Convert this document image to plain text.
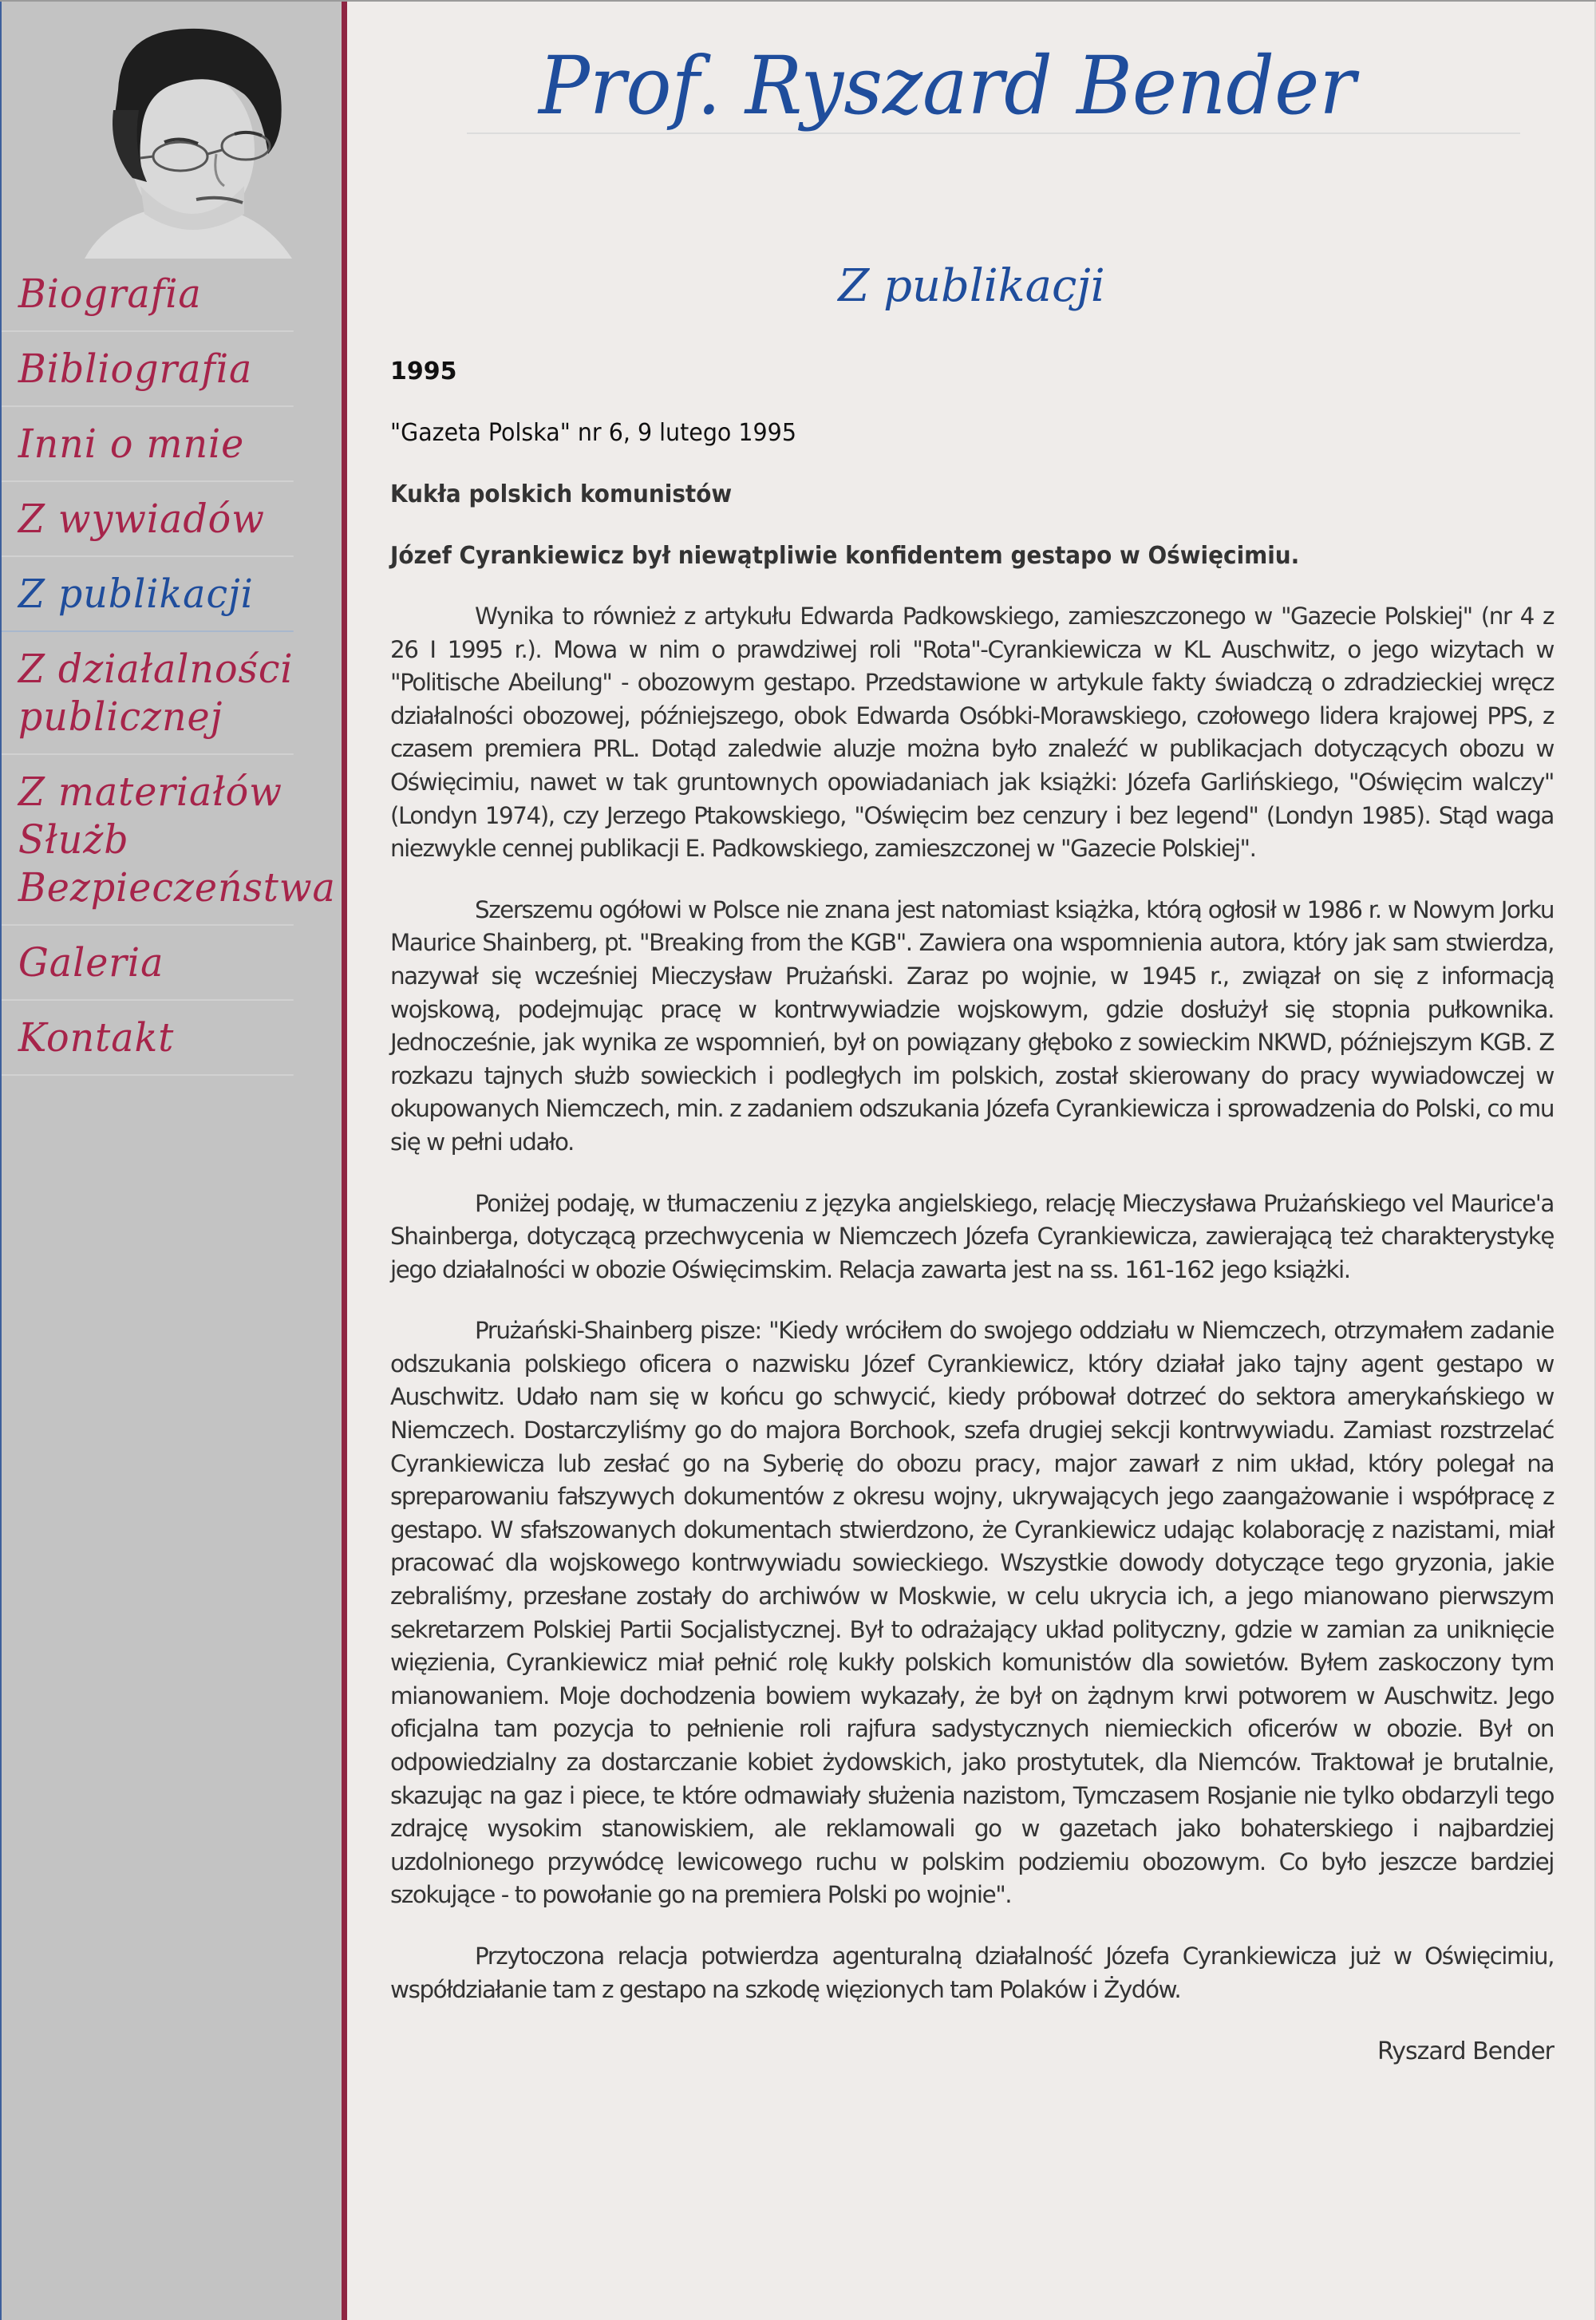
Biografia
Bibliografia
Inni o mnie
Z wywiadów
Z publikacji
Z działalności
publicznej
Z materiałów
Służb
Bezpieczeństwa
Galeria
Kontakt
Prof. Ryszard Bender
Z publikacji

1995

"Gazeta Polska" nr 6, 9 lutego 1995

Kukła polskich komunistów

Józef Cyrankiewicz był niewątpliwie konfidentem gestapo w Oświęcimiu.

Wynika to również z artykułu Edwarda Padkowskiego, zamieszczonego w "Gazecie Polskiej" (nr 4 z 26 I 1995 r.). Mowa w nim o prawdziwej roli "Rota"-Cyrankiewicza w KL Auschwitz, o jego wizytach w "Politische Abeilung" - obozowym gestapo. Przedstawione w artykule fakty świadczą o zdradzieckiej wręcz działalności obozowej, późniejszego, obok Edwarda Osóbki-Morawskiego, czołowego lidera krajowej PPS, z czasem premiera PRL. Dotąd zaledwie aluzje można było znaleźć w publikacjach dotyczących obozu w Oświęcimiu, nawet w tak gruntownych opowiadaniach jak książki: Józefa Garlińskiego, "Oświęcim walczy" (Londyn 1974), czy Jerzego Ptakowskiego, "Oświęcim bez cenzury i bez legend" (Londyn 1985). Stąd waga niezwykle cennej publikacji E. Padkowskiego, zamieszczonej w "Gazecie Polskiej".

Szerszemu ogółowi w Polsce nie znana jest natomiast książka, którą ogłosił w 1986 r. w Nowym Jorku Maurice Shainberg, pt. "Breaking from the KGB". Zawiera ona wspomnienia autora, który jak sam stwierdza, nazywał się wcześniej Mieczysław Prużański. Zaraz po wojnie, w 1945 r., związał on się z informacją wojskową, podejmując pracę w kontrwywiadzie wojskowym, gdzie dosłużył się stopnia pułkownika. Jednocześnie, jak wynika ze wspomnień, był on powiązany głęboko z sowieckim NKWD, późniejszym KGB. Z rozkazu tajnych służb sowieckich i podległych im polskich, został skierowany do pracy wywiadowczej w okupowanych Niemczech, min. z zadaniem odszukania Józefa Cyrankiewicza i sprowadzenia do Polski, co mu się w pełni udało.

Poniżej podaję, w tłumaczeniu z języka angielskiego, relację Mieczysława Prużańskiego vel Maurice'a Shainberga, dotyczącą przechwycenia w Niemczech Józefa Cyrankiewicza, zawierającą też charakterystykę jego działalności w obozie Oświęcimskim. Relacja zawarta jest na ss. 161-162 jego książki.

Prużański-Shainberg pisze: "Kiedy wróciłem do swojego oddziału w Niemczech, otrzymałem zadanie odszukania polskiego oficera o nazwisku Józef Cyrankiewicz, który działał jako tajny agent gestapo w Auschwitz. Udało nam się w końcu go schwycić, kiedy próbował dotrzeć do sektora amerykańskiego w Niemczech. Dostarczyliśmy go do majora Borchook, szefa drugiej sekcji kontrwywiadu. Zamiast rozstrzelać Cyrankiewicza lub zesłać go na Syberię do obozu pracy, major zawarł z nim układ, który polegał na spreparowaniu fałszywych dokumentów z okresu wojny, ukrywających jego zaangażowanie i współpracę z gestapo. W sfałszowanych dokumentach stwierdzono, że Cyrankiewicz udając kolaborację z nazistami, miał pracować dla wojskowego kontrwywiadu sowieckiego. Wszystkie dowody dotyczące tego gryzonia, jakie zebraliśmy, przesłane zostały do archiwów w Moskwie, w celu ukrycia ich, a jego mianowano pierwszym sekretarzem Polskiej Partii Socjalistycznej. Był to odrażający układ polityczny, gdzie w zamian za uniknięcie więzienia, Cyrankiewicz miał pełnić rolę kukły polskich komunistów dla sowietów. Byłem zaskoczony tym mianowaniem. Moje dochodzenia bowiem wykazały, że był on żądnym krwi potworem w Auschwitz. Jego oficjalna tam pozycja to pełnienie roli rajfura sadystycznych niemieckich oficerów w obozie. Był on odpowiedzialny za dostarczanie kobiet żydowskich, jako prostytutek, dla Niemców. Traktował je brutalnie, skazując na gaz i piece, te które odmawiały służenia nazistom, Tymczasem Rosjanie nie tylko obdarzyli tego zdrajcę wysokim stanowiskiem, ale reklamowali go w gazetach jako bohaterskiego i najbardziej uzdolnionego przywódcę lewicowego ruchu w polskim podziemiu obozowym. Co było jeszcze bardziej szokujące - to powołanie go na premiera Polski po wojnie".

Przytoczona relacja potwierdza agenturalną działalność Józefa Cyrankiewicza już w Oświęcimiu, współdziałanie tam z gestapo na szkodę więzionych tam Polaków i Żydów.

Ryszard Bender
